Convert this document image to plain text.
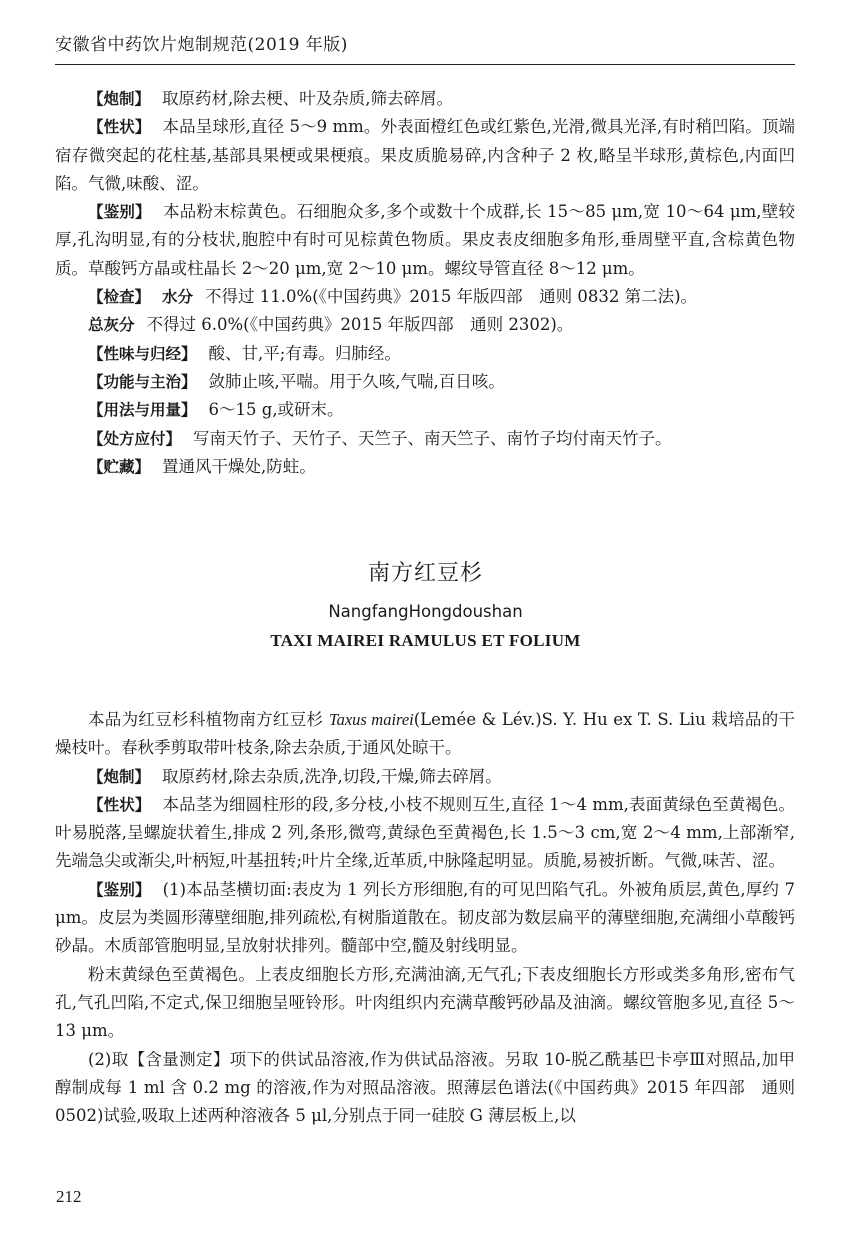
安徽省中药饮片炮制规范(2019 年版)

【炮制】 取原药材,除去梗、叶及杂质,筛去碎屑。

【性状】 本品呈球形,直径 5～9 mm。外表面橙红色或红紫色,光滑,微具光泽,有时稍凹陷。顶端宿存微突起的花柱基,基部具果梗或果梗痕。果皮质脆易碎,内含种子 2 枚,略呈半球形,黄棕色,内面凹陷。气微,味酸、涩。

【鉴别】 本品粉末棕黄色。石细胞众多,多个或数十个成群,长 15～85 μm,宽 10～64 μm,壁较厚,孔沟明显,有的分枝状,胞腔中有时可见棕黄色物质。果皮表皮细胞多角形,垂周壁平直,含棕黄色物质。草酸钙方晶或柱晶长 2～20 μm,宽 2～10 μm。螺纹导管直径 8～12 μm。

【检查】 水分 不得过 11.0%(《中国药典》2015 年版四部　通则 0832 第二法)。

总灰分 不得过 6.0%(《中国药典》2015 年版四部　通则 2302)。

【性味与归经】 酸、甘,平;有毒。归肺经。

【功能与主治】 敛肺止咳,平喘。用于久咳,气喘,百日咳。

【用法与用量】 6～15 g,或研末。

【处方应付】 写南天竹子、天竹子、天竺子、南天竺子、南竹子均付南天竹子。

【贮藏】 置通风干燥处,防蛀。

南方红豆杉
NangfangHongdoushan
TAXI MAIREI RAMULUS ET FOLIUM

本品为红豆杉科植物南方红豆杉 Taxus mairei(Lemée & Lév.)S. Y. Hu ex T. S. Liu 栽培品的干燥枝叶。春秋季剪取带叶枝条,除去杂质,于通风处晾干。

【炮制】 取原药材,除去杂质,洗净,切段,干燥,筛去碎屑。

【性状】 本品茎为细圆柱形的段,多分枝,小枝不规则互生,直径 1～4 mm,表面黄绿色至黄褐色。叶易脱落,呈螺旋状着生,排成 2 列,条形,微弯,黄绿色至黄褐色,长 1.5～3 cm,宽 2～4 mm,上部渐窄,先端急尖或渐尖,叶柄短,叶基扭转;叶片全缘,近革质,中脉隆起明显。质脆,易被折断。气微,味苦、涩。

【鉴别】 (1)本品茎横切面:表皮为 1 列长方形细胞,有的可见凹陷气孔。外被角质层,黄色,厚约 7 μm。皮层为类圆形薄壁细胞,排列疏松,有树脂道散在。韧皮部为数层扁平的薄壁细胞,充满细小草酸钙砂晶。木质部管胞明显,呈放射状排列。髓部中空,髓及射线明显。

粉末黄绿色至黄褐色。上表皮细胞长方形,充满油滴,无气孔;下表皮细胞长方形或类多角形,密布气孔,气孔凹陷,不定式,保卫细胞呈哑铃形。叶肉组织内充满草酸钙砂晶及油滴。螺纹管胞多见,直径 5～13 μm。

(2)取【含量测定】项下的供试品溶液,作为供试品溶液。另取 10-脱乙酰基巴卡亭Ⅲ对照品,加甲醇制成每 1 ml 含 0.2 mg 的溶液,作为对照品溶液。照薄层色谱法(《中国药典》2015 年四部　通则 0502)试验,吸取上述两种溶液各 5 μl,分别点于同一硅胶 G 薄层板上,以

212
